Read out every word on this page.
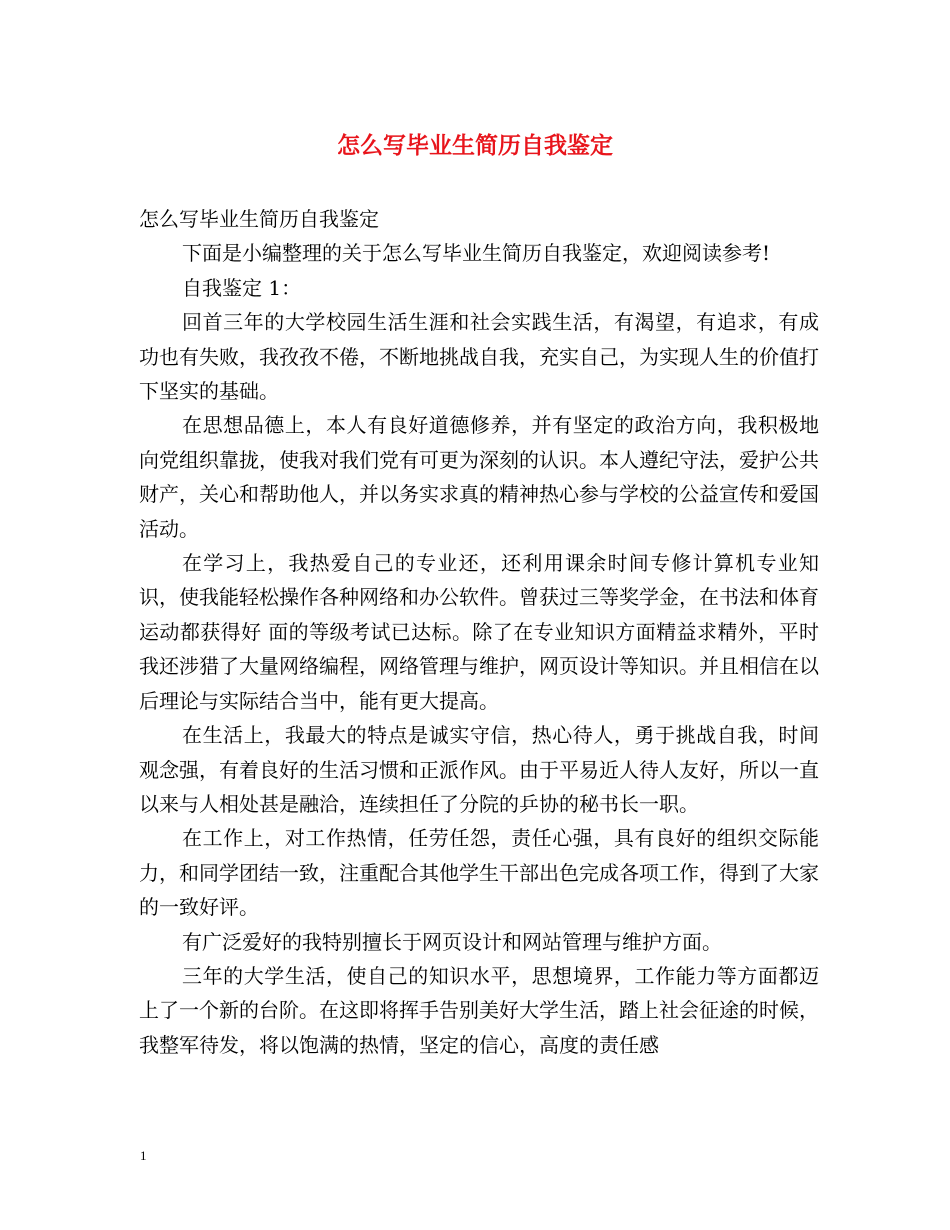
怎么写毕业生简历自我鉴定

怎么写毕业生简历自我鉴定

下面是小编整理的关于怎么写毕业生简历自我鉴定，欢迎阅读参考!

自我鉴定 1：

回首三年的大学校园生活生涯和社会实践生活，有渴望，有追求，有成功也有失败，我孜孜不倦，不断地挑战自我，充实自己，为实现人生的价值打下坚实的基础。

在思想品德上，本人有良好道德修养，并有坚定的政治方向，我积极地向党组织靠拢，使我对我们党有可更为深刻的认识。本人遵纪守法，爱护公共财产，关心和帮助他人，并以务实求真的精神热心参与学校的公益宣传和爱国活动。

在学习上，我热爱自己的专业还，还利用课余时间专修计算机专业知识，使我能轻松操作各种网络和办公软件。曾获过三等奖学金，在书法和体育运动都获得好 面的等级考试已达标。除了在专业知识方面精益求精外，平时我还涉猎了大量网络编程，网络管理与维护，网页设计等知识。并且相信在以后理论与实际结合当中，能有更大提高。

在生活上，我最大的特点是诚实守信，热心待人，勇于挑战自我，时间观念强，有着良好的生活习惯和正派作风。由于平易近人待人友好，所以一直以来与人相处甚是融洽，连续担任了分院的乒协的秘书长一职。

在工作上，对工作热情，任劳任怨，责任心强，具有良好的组织交际能力，和同学团结一致，注重配合其他学生干部出色完成各项工作，得到了大家的一致好评。

有广泛爱好的我特别擅长于网页设计和网站管理与维护方面。

三年的大学生活，使自己的知识水平，思想境界，工作能力等方面都迈上了一个新的台阶。在这即将挥手告别美好大学生活，踏上社会征途的时候，我整军待发，将以饱满的热情，坚定的信心，高度的责任感

1
